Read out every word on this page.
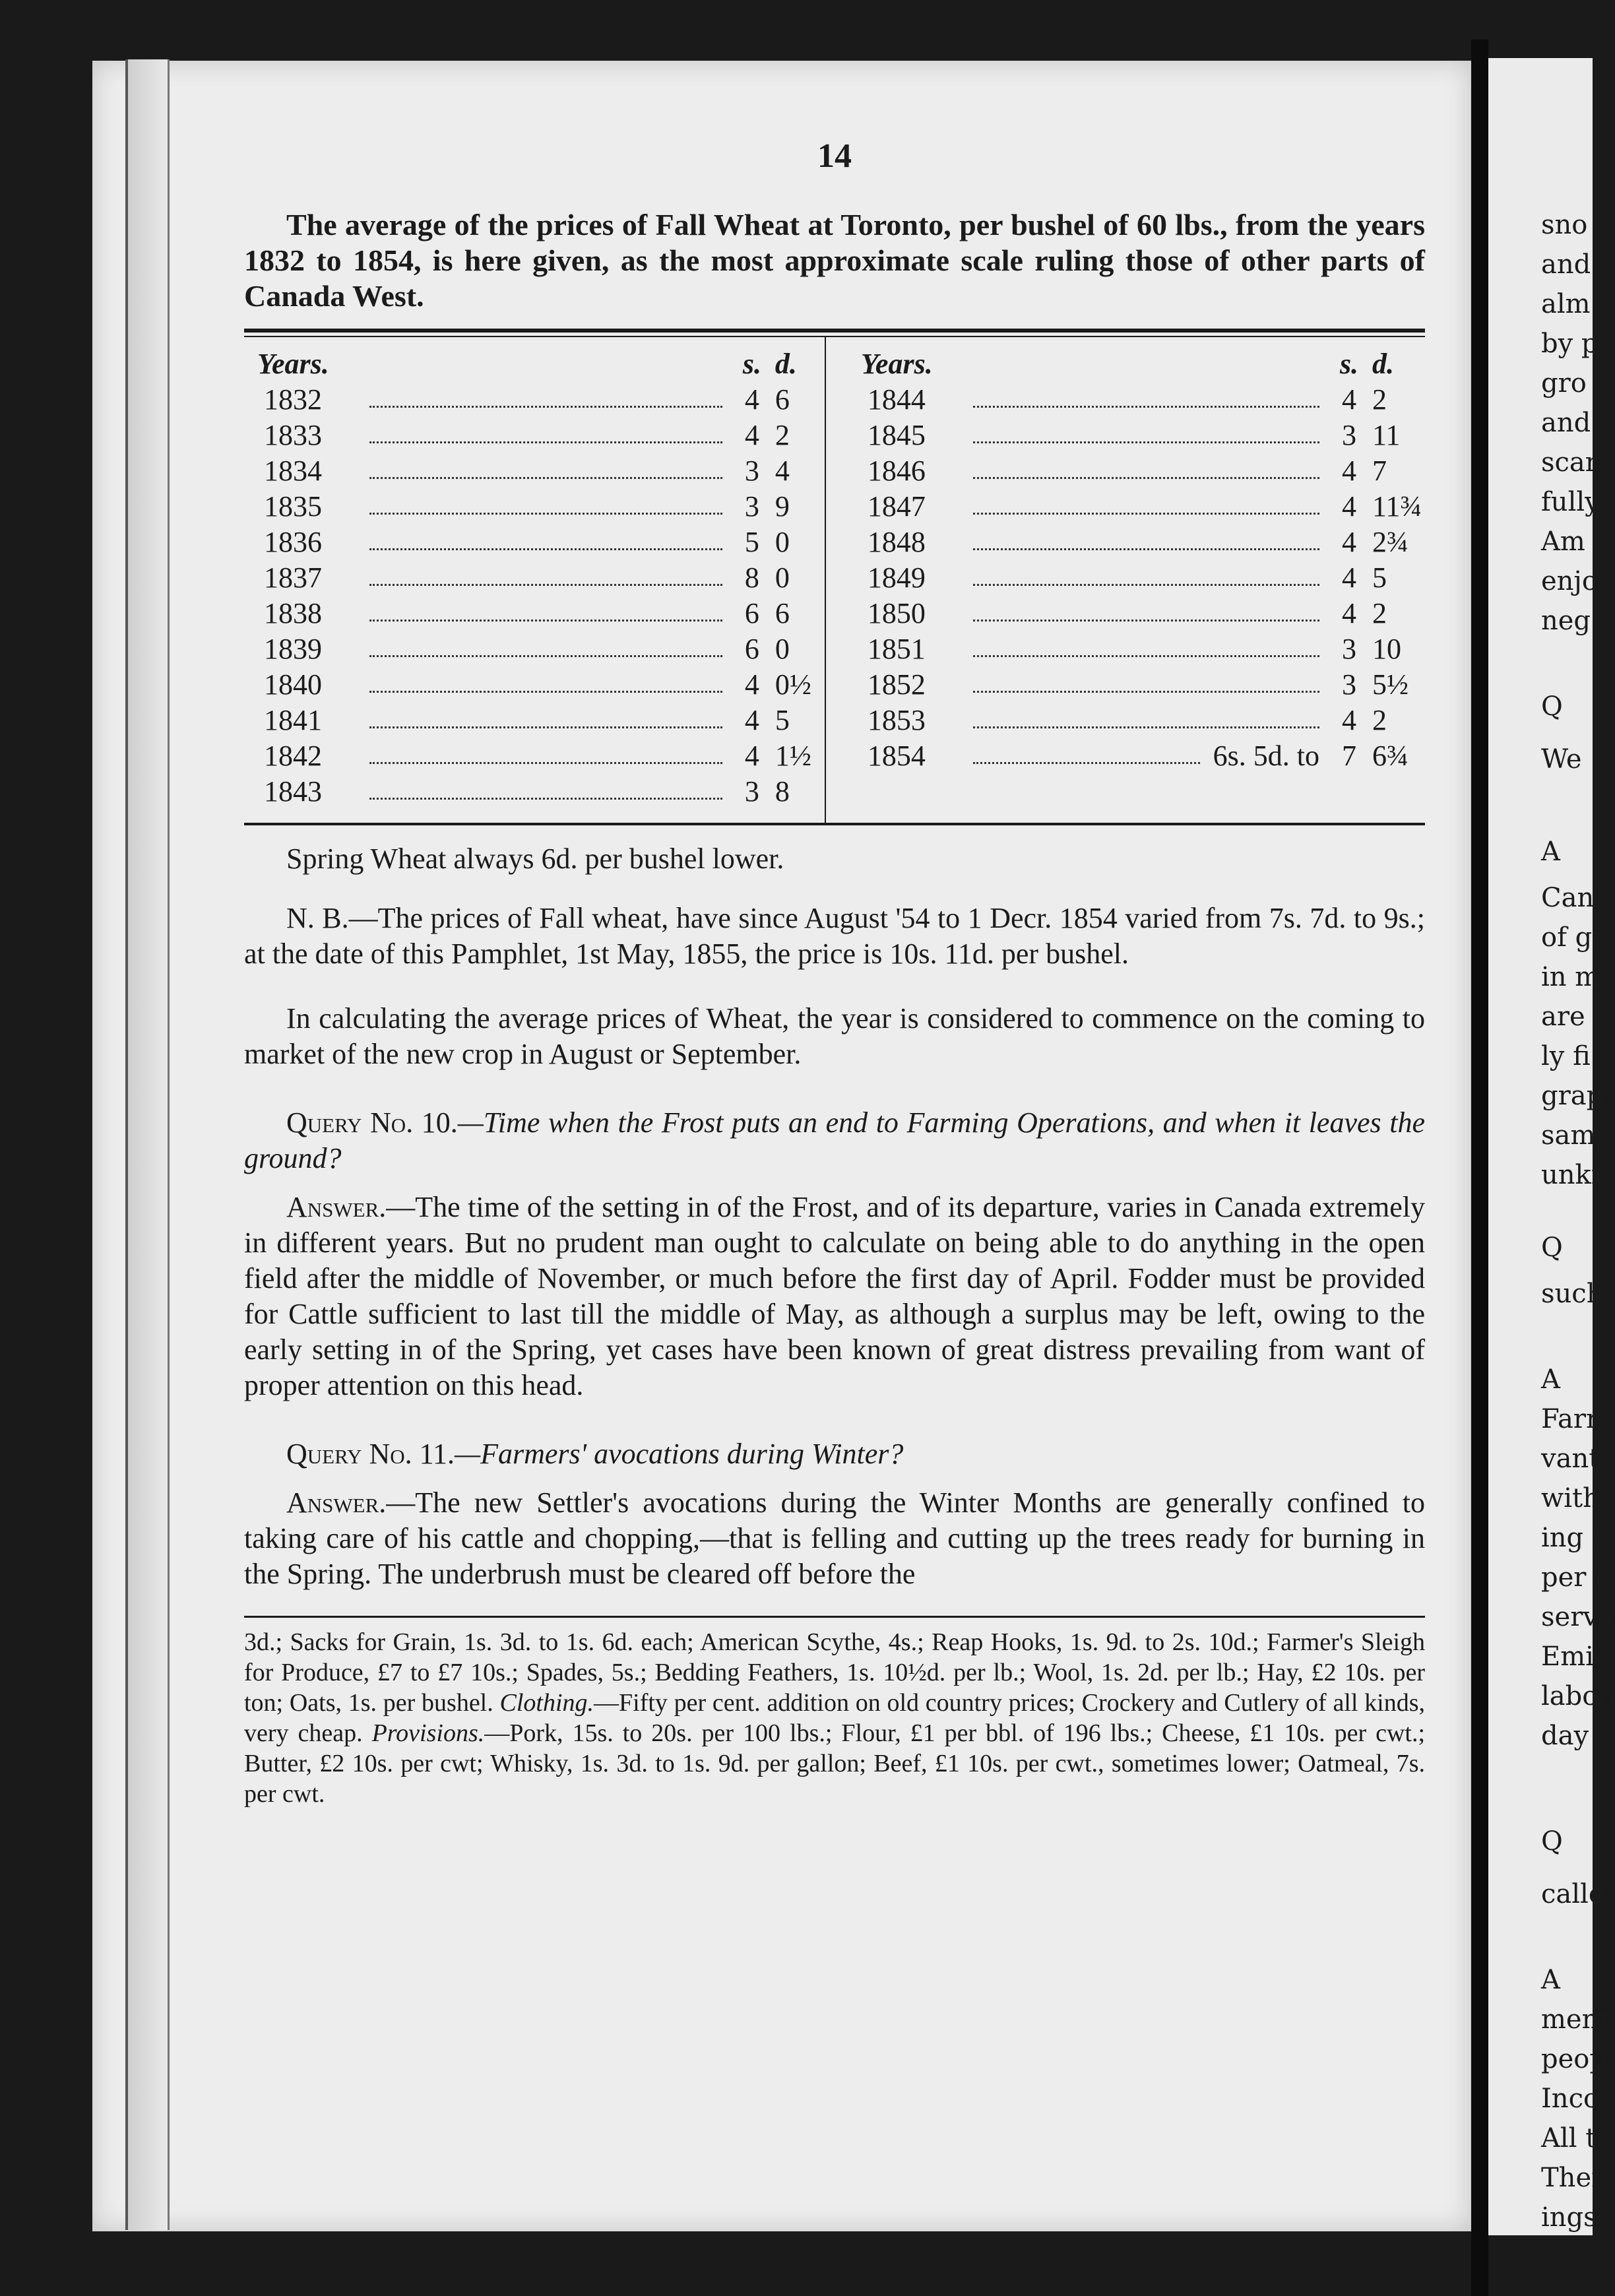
sno
and
alm
by p
gro
and
scar
fully
Am
enjo
neg
Q
We
A
Can
of gr
in m
are
ly fi
grap
sam
unkr
Q
such
A
Farr
vant
with
ing t
per c
serva
Emi
labou
day
Q
calle
A
ment
peop
Inco
All t
Ther
ings,
14

The average of the prices of Fall Wheat at Toronto, per bushel of 60 lbs., from the years 1832 to 1854, is here given, as the most approximate scale ruling those of other parts of Canada West.

Years.	s. d.
1832	4 6
1833	4 2
1834	3 4
1835	3 9
1836	5 0
1837	8 0
1838	6 6
1839	6 0
1840	4 0½
1841	4 5
1842	4 1½
1843	3 8
Years.	s. d.
1844	4 2
1845	3 11
1846	4 7
1847	4 11¾
1848	4 2¾
1849	4 5
1850	4 2
1851	3 10
1852	3 5½
1853	4 2
1854	6s. 5d. to 7 6¾

Spring Wheat always 6d. per bushel lower.

N. B.—The prices of Fall wheat, have since August '54 to 1 Decr. 1854 varied from 7s. 7d. to 9s.; at the date of this Pamphlet, 1st May, 1855, the price is 10s. 11d. per bushel.

In calculating the average prices of Wheat, the year is considered to commence on the coming to market of the new crop in August or September.

Query No. 10.—Time when the Frost puts an end to Farming Operations, and when it leaves the ground?

Answer.—The time of the setting in of the Frost, and of its departure, varies in Canada extremely in different years. But no prudent man ought to calculate on being able to do anything in the open field after the middle of November, or much before the first day of April. Fodder must be provided for Cattle sufficient to last till the middle of May, as although a surplus may be left, owing to the early setting in of the Spring, yet cases have been known of great distress prevailing from want of proper attention on this head.

Query No. 11.—Farmers' avocations during Winter?

Answer.—The new Settler's avocations during the Winter Months are generally confined to taking care of his cattle and chopping,—that is felling and cutting up the trees ready for burning in the Spring. The underbrush must be cleared off before the

3d.; Sacks for Grain, 1s. 3d. to 1s. 6d. each; American Scythe, 4s.; Reap Hooks, 1s. 9d. to 2s. 10d.; Farmer's Sleigh for Produce, £7 to £7 10s.; Spades, 5s.; Bedding Feathers, 1s. 10½d. per lb.; Wool, 1s. 2d. per lb.; Hay, £2 10s. per ton; Oats, 1s. per bushel. Clothing.—Fifty per cent. addition on old country prices; Crockery and Cutlery of all kinds, very cheap. Provisions.—Pork, 15s. to 20s. per 100 lbs.; Flour, £1 per bbl. of 196 lbs.; Cheese, £1 10s. per cwt.; Butter, £2 10s. per cwt; Whisky, 1s. 3d. to 1s. 9d. per gallon; Beef, £1 10s. per cwt., sometimes lower; Oatmeal, 7s. per cwt.
